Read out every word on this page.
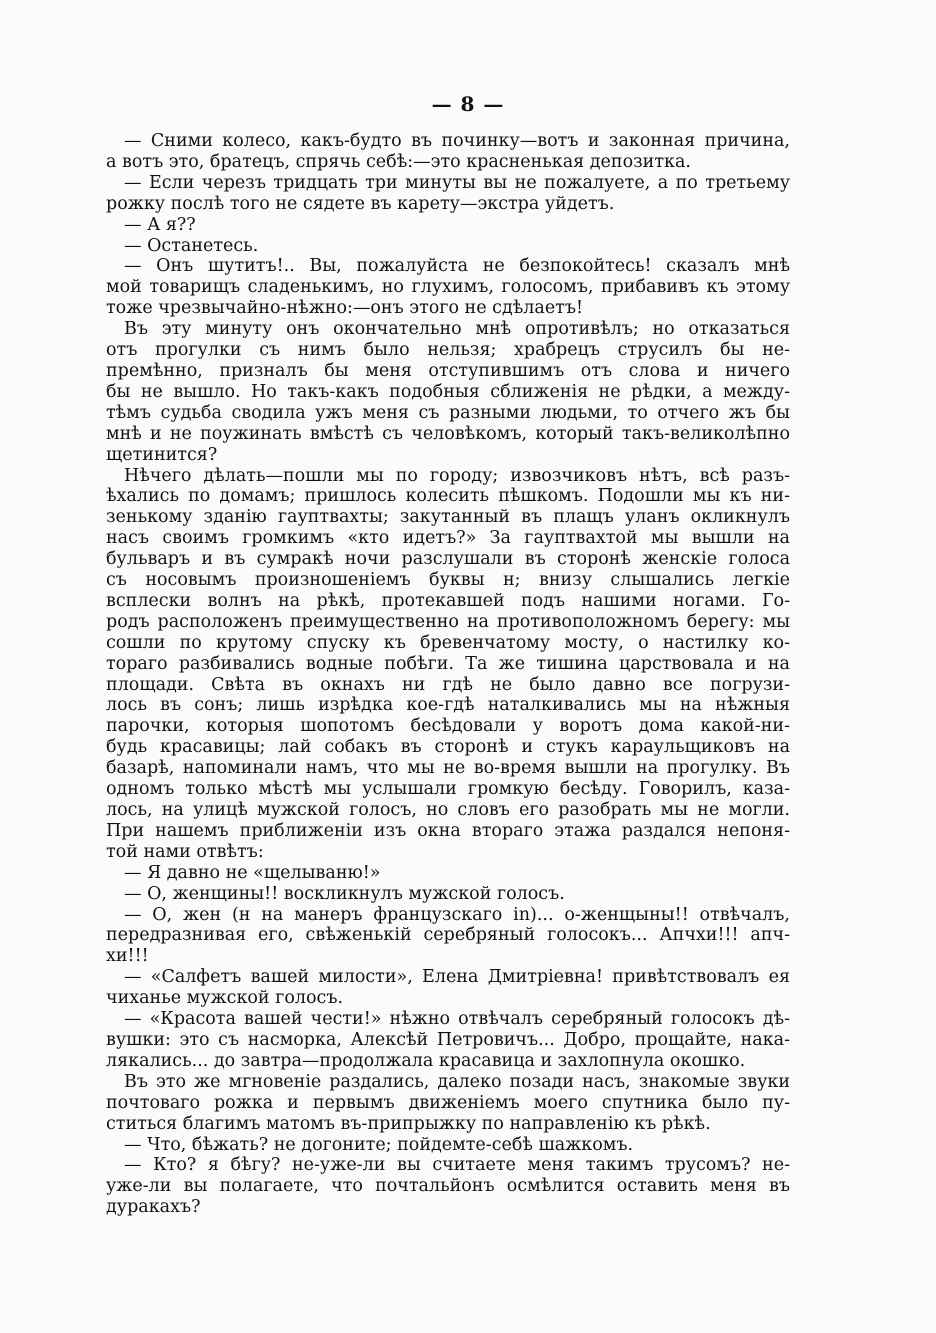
— 8 —
— Сними колесо, какъ-будто въ починку—вотъ и законная причина,
а вотъ это, братецъ, спрячь себѣ:—это красненькая депозитка.
— Если черезъ тридцать три минуты вы не пожалуете, а по третьему
рожку послѣ того не сядете въ карету—экстра уйдетъ.
— А я??
— Останетесь.
— Онъ шутитъ!.. Вы, пожалуйста не безпокойтесь! сказалъ мнѣ
мой товарищъ сладенькимъ, но глухимъ, голосомъ, прибавивъ къ этому
тоже чрезвычайно-нѣжно:—онъ этого не сдѣлаетъ!
Въ эту минуту онъ окончательно мнѣ опротивѣлъ; но отказаться
отъ прогулки съ нимъ было нельзя; храбрецъ струсилъ бы не-
премѣнно, призналъ бы меня отступившимъ отъ слова и ничего
бы не вышло. Но такъ-какъ подобныя сближенія не рѣдки, а между-
тѣмъ судьба сводила ужъ меня съ разными людьми, то отчего жъ бы
мнѣ и не поужинать вмѣстѣ съ человѣкомъ, который такъ-великолѣпно
щетинится?
Нѣчего дѣлать—пошли мы по городу; извозчиковъ нѣтъ, всѣ разъ-
ѣхались по домамъ; пришлось колесить пѣшкомъ. Подошли мы къ ни-
зенькому зданію гауптвахты; закутанный въ плащъ уланъ окликнулъ
насъ своимъ громкимъ «кто идетъ?» За гауптвахтой мы вышли на
бульваръ и въ сумракѣ ночи разслушали въ сторонѣ женскіе голоса
съ носовымъ произношеніемъ буквы н; внизу слышались легкіе
всплески волнъ на рѣкѣ, протекавшей подъ нашими ногами. Го-
родъ расположенъ преимущественно на противоположномъ берегу: мы
сошли по крутому спуску къ бревенчатому мосту, о настилку ко-
тораго разбивались водные побѣги. Та же тишина царствовала и на
площади. Свѣта въ окнахъ ни гдѣ не было давно все погрузи-
лось въ сонъ; лишь изрѣдка кое-гдѣ наталкивались мы на нѣжныя
парочки, которыя шопотомъ бесѣдовали у воротъ дома какой-ни-
будь красавицы; лай собакъ въ сторонѣ и стукъ караульщиковъ на
базарѣ, напоминали намъ, что мы не во-время вышли на прогулку. Въ
одномъ только мѣстѣ мы услышали громкую бесѣду. Говорилъ, каза-
лось, на улицѣ мужской голосъ, но словъ его разобрать мы не могли.
При нашемъ приближеніи изъ окна втораго этажа раздался непоня-
той нами отвѣтъ:
— Я давно не «щелываню!»
— О, женщины!! воскликнулъ мужской голосъ.
— О, жен (н на манеръ французскаго in)... о-женщыны!! отвѣчалъ,
передразнивая его, свѣженькій серебряный голосокъ... Апчхи!!! апч-
хи!!!
— «Салфетъ вашей милости», Елена Дмитріевна! привѣтствовалъ ея
чиханье мужской голосъ.
— «Красота вашей чести!» нѣжно отвѣчалъ серебряный голосокъ дѣ-
вушки: это съ насморка, Алексѣй Петровичъ... Добро, прощайте, нака-
лякались... до завтра—продолжала красавица и захлопнула окошко.
Въ это же мгновеніе раздались, далеко позади насъ, знакомые звуки
почтоваго рожка и первымъ движеніемъ моего спутника было пу-
ститься благимъ матомъ въ-припрыжку по направленію къ рѣкѣ.
— Что, бѣжать? не догоните; пойдемте-себѣ шажкомъ.
— Кто? я бѣгу? не-уже-ли вы считаете меня такимъ трусомъ? не-
уже-ли вы полагаете, что почтальйонъ осмѣлится оставить меня въ
дуракахъ?
